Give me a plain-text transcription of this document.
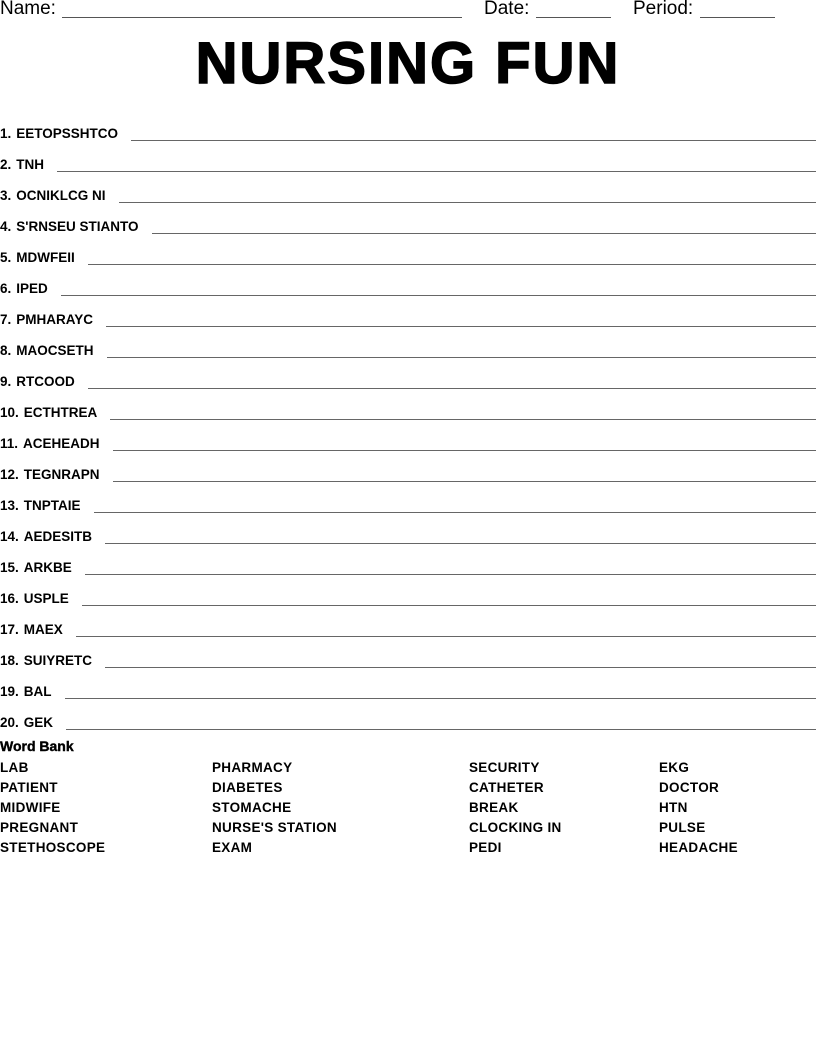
Name:	Date:	Period:
NURSING FUN
1. EETOPSSHTCO
2. TNH
3. OCNIKLCG NI
4. S'RNSEU STIANTO
5. MDWFEII
6. IPED
7. PMHARAYC
8. MAOCSETH
9. RTCOOD
10. ECTHTREA
11. ACEHEADH
12. TEGNRAPN
13. TNPTAIE
14. AEDESITB
15. ARKBE
16. USPLE
17. MAEX
18. SUIYRETC
19. BAL
20. GEK
Word Bank
LAB
PATIENT
MIDWIFE
PREGNANT
STETHOSCOPE
PHARMACY
DIABETES
STOMACHE
NURSE'S STATION
EXAM
SECURITY
CATHETER
BREAK
CLOCKING IN
PEDI
EKG
DOCTOR
HTN
PULSE
HEADACHE
